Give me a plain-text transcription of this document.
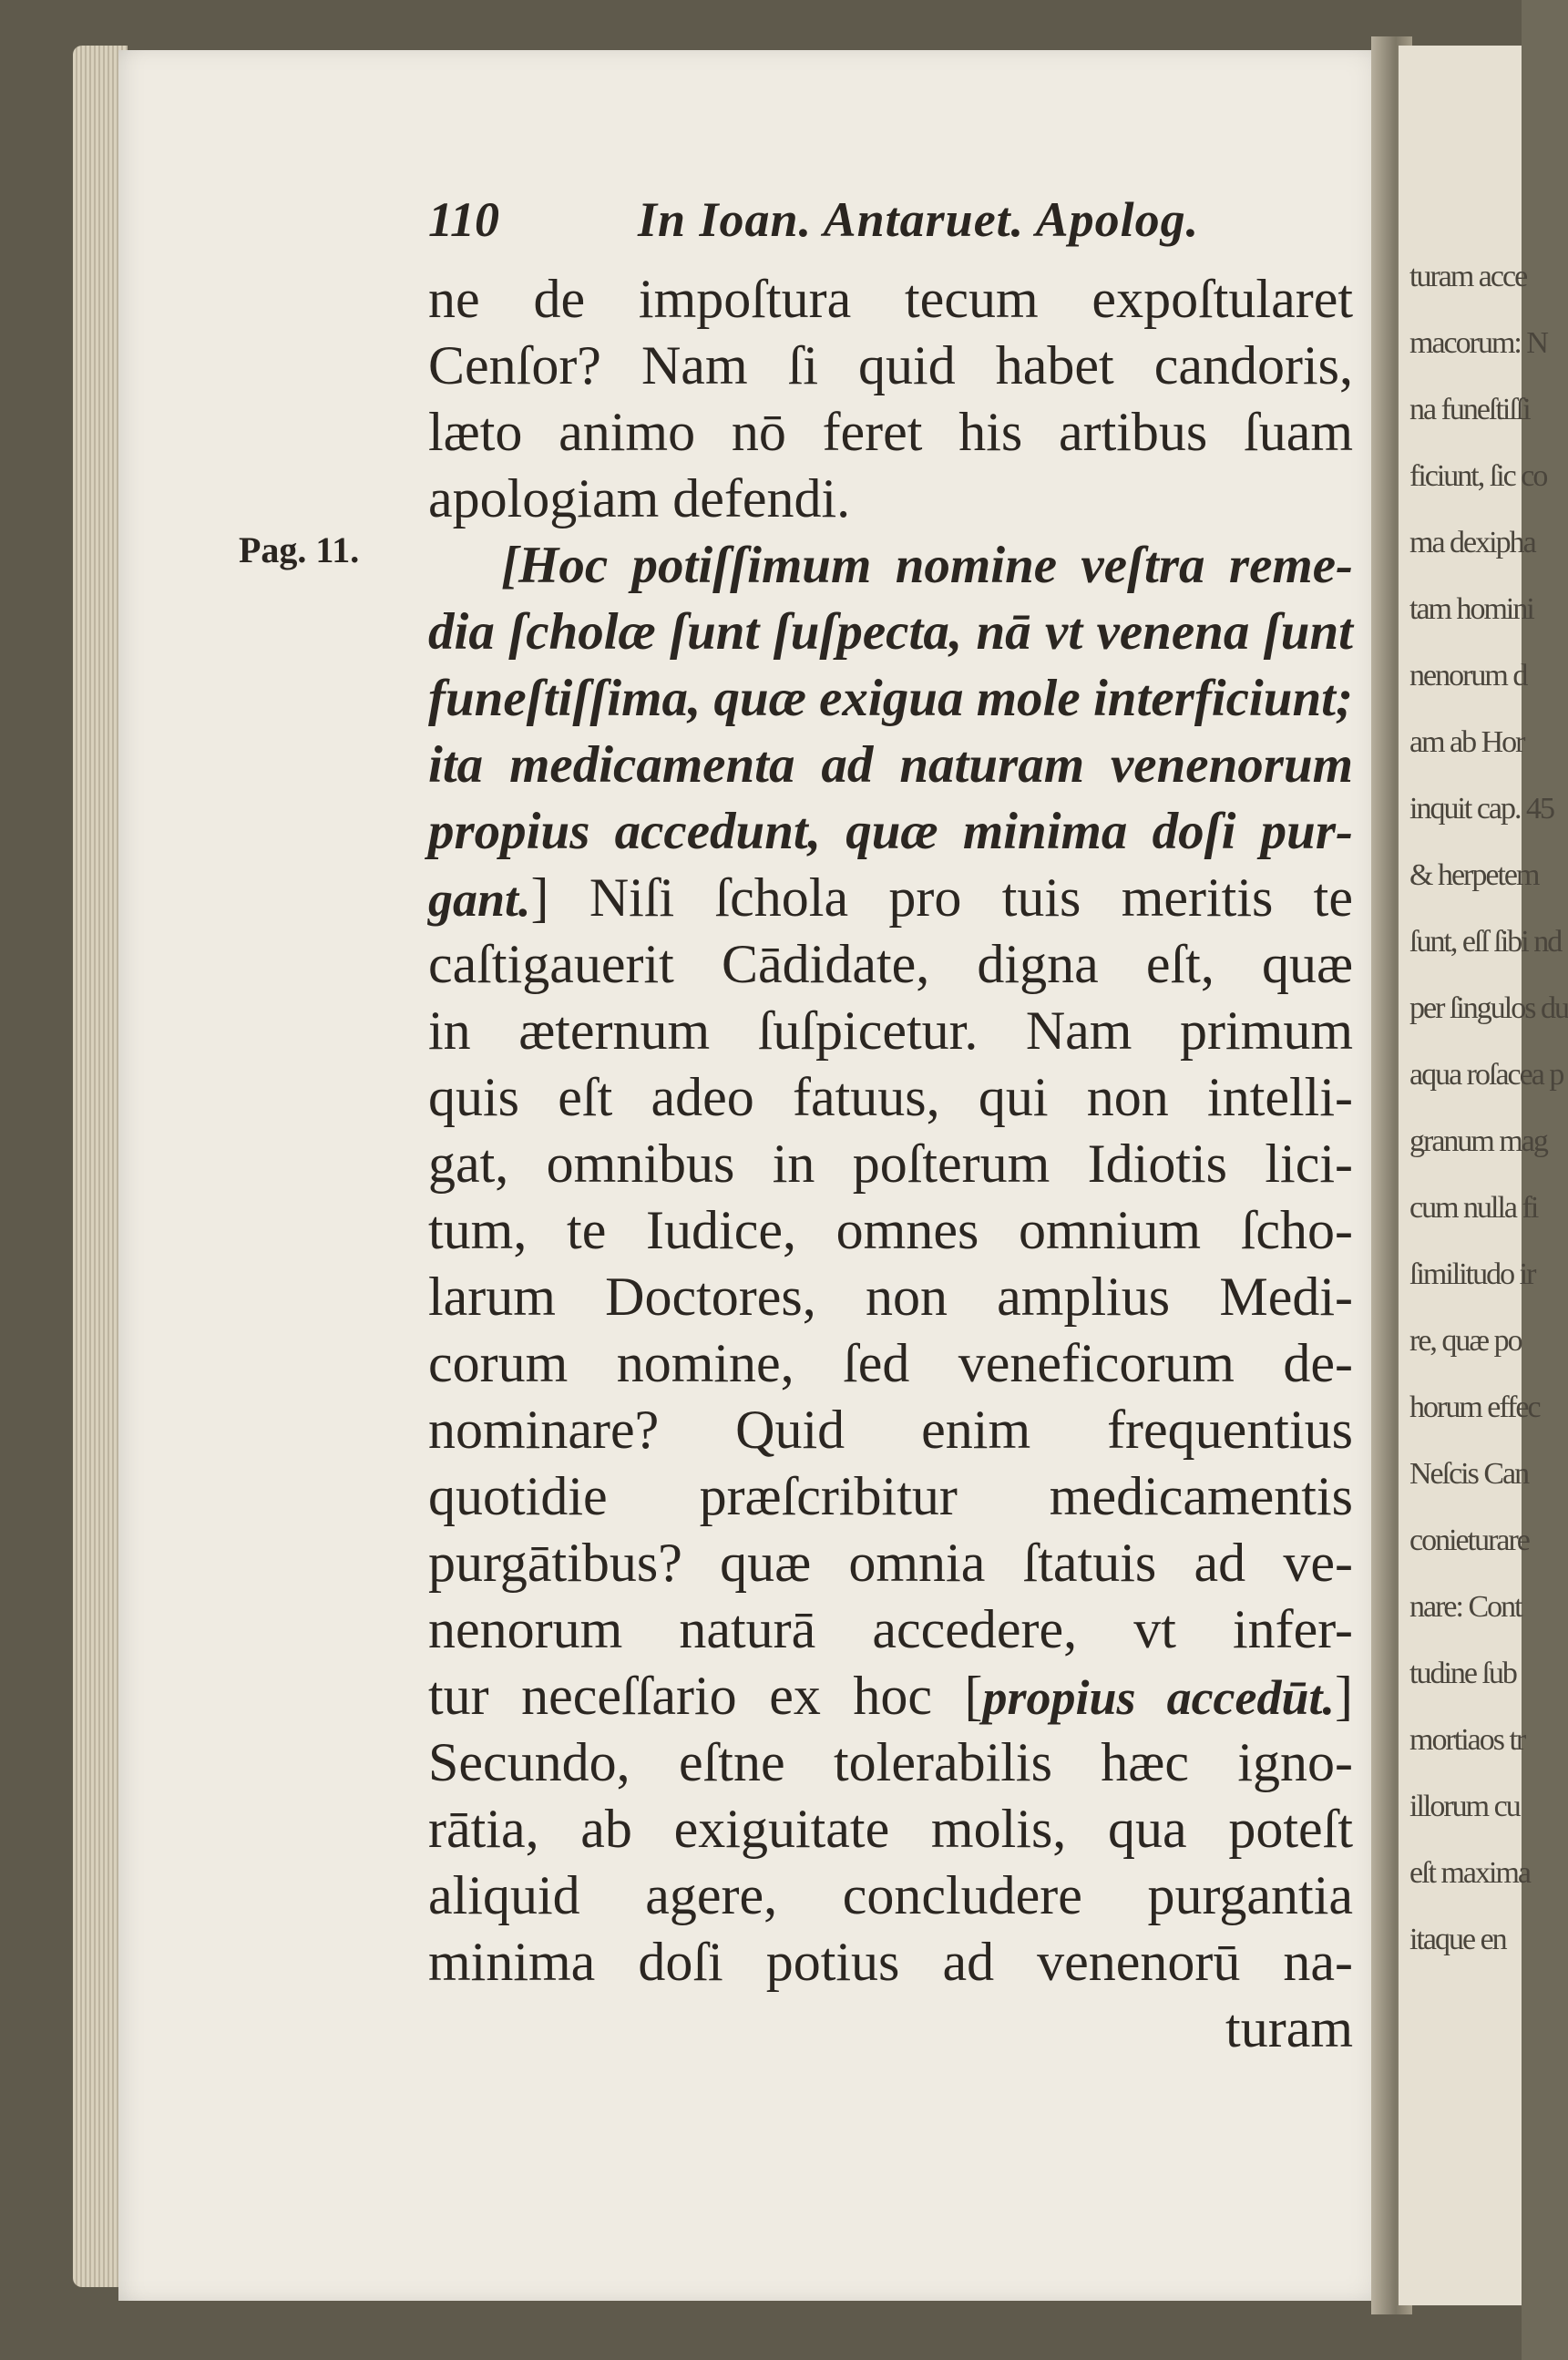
turam acce
macorum: N
na funeſtiſſi
ficiunt, ſic co
ma dexipha
tam homini
nenorum d
am ab Hor
inquit cap. 45
& herpetem
ſunt, eſſ ſibi nd
per ſingulos du
aqua roſacea p
granum mag
cum nulla fi
ſimilitudo ir
re, quæ po
horum effec
Neſcis Can
conieturare
nare: Cont
tudine ſub
mortiaos tr
illorum cu
eſt maxima
itaque en
110	In Ioan. Antaruet. Apolog.
Pag. 11.
ne de impoſtura tecum expoſtularet
Cenſor? Nam ſi quid habet candoris,
læto animo nō feret his artibus ſuam
apologiam defendi.
[Hoc potiſſimum nomine veſtra reme-
dia ſcholæ ſunt ſuſpecta, nā vt venena ſunt
funeſtiſſima, quæ exigua mole interficiunt;
ita medicamenta ad naturam venenorum
propius accedunt, quæ minima doſi pur-
gant.] Niſi ſchola pro tuis meritis te
caſtigauerit Cādidate, digna eſt, quæ
in æternum ſuſpicetur. Nam primum
quis eſt adeo fatuus, qui non intelli-
gat, omnibus in poſterum Idiotis lici-
tum, te Iudice, omnes omnium ſcho-
larum Doctores, non amplius Medi-
corum nomine, ſed veneficorum de-
nominare? Quid enim frequentius
quotidie præſcribitur medicamentis
purgātibus? quæ omnia ſtatuis ad ve-
nenorum naturā accedere, vt infer-
tur neceſſario ex hoc [propius accedūt.]
Secundo, eſtne tolerabilis hæc igno-
rātia, ab exiguitate molis, qua poteſt
aliquid agere, concludere purgantia
minima doſi potius ad venenorū na-
turam
